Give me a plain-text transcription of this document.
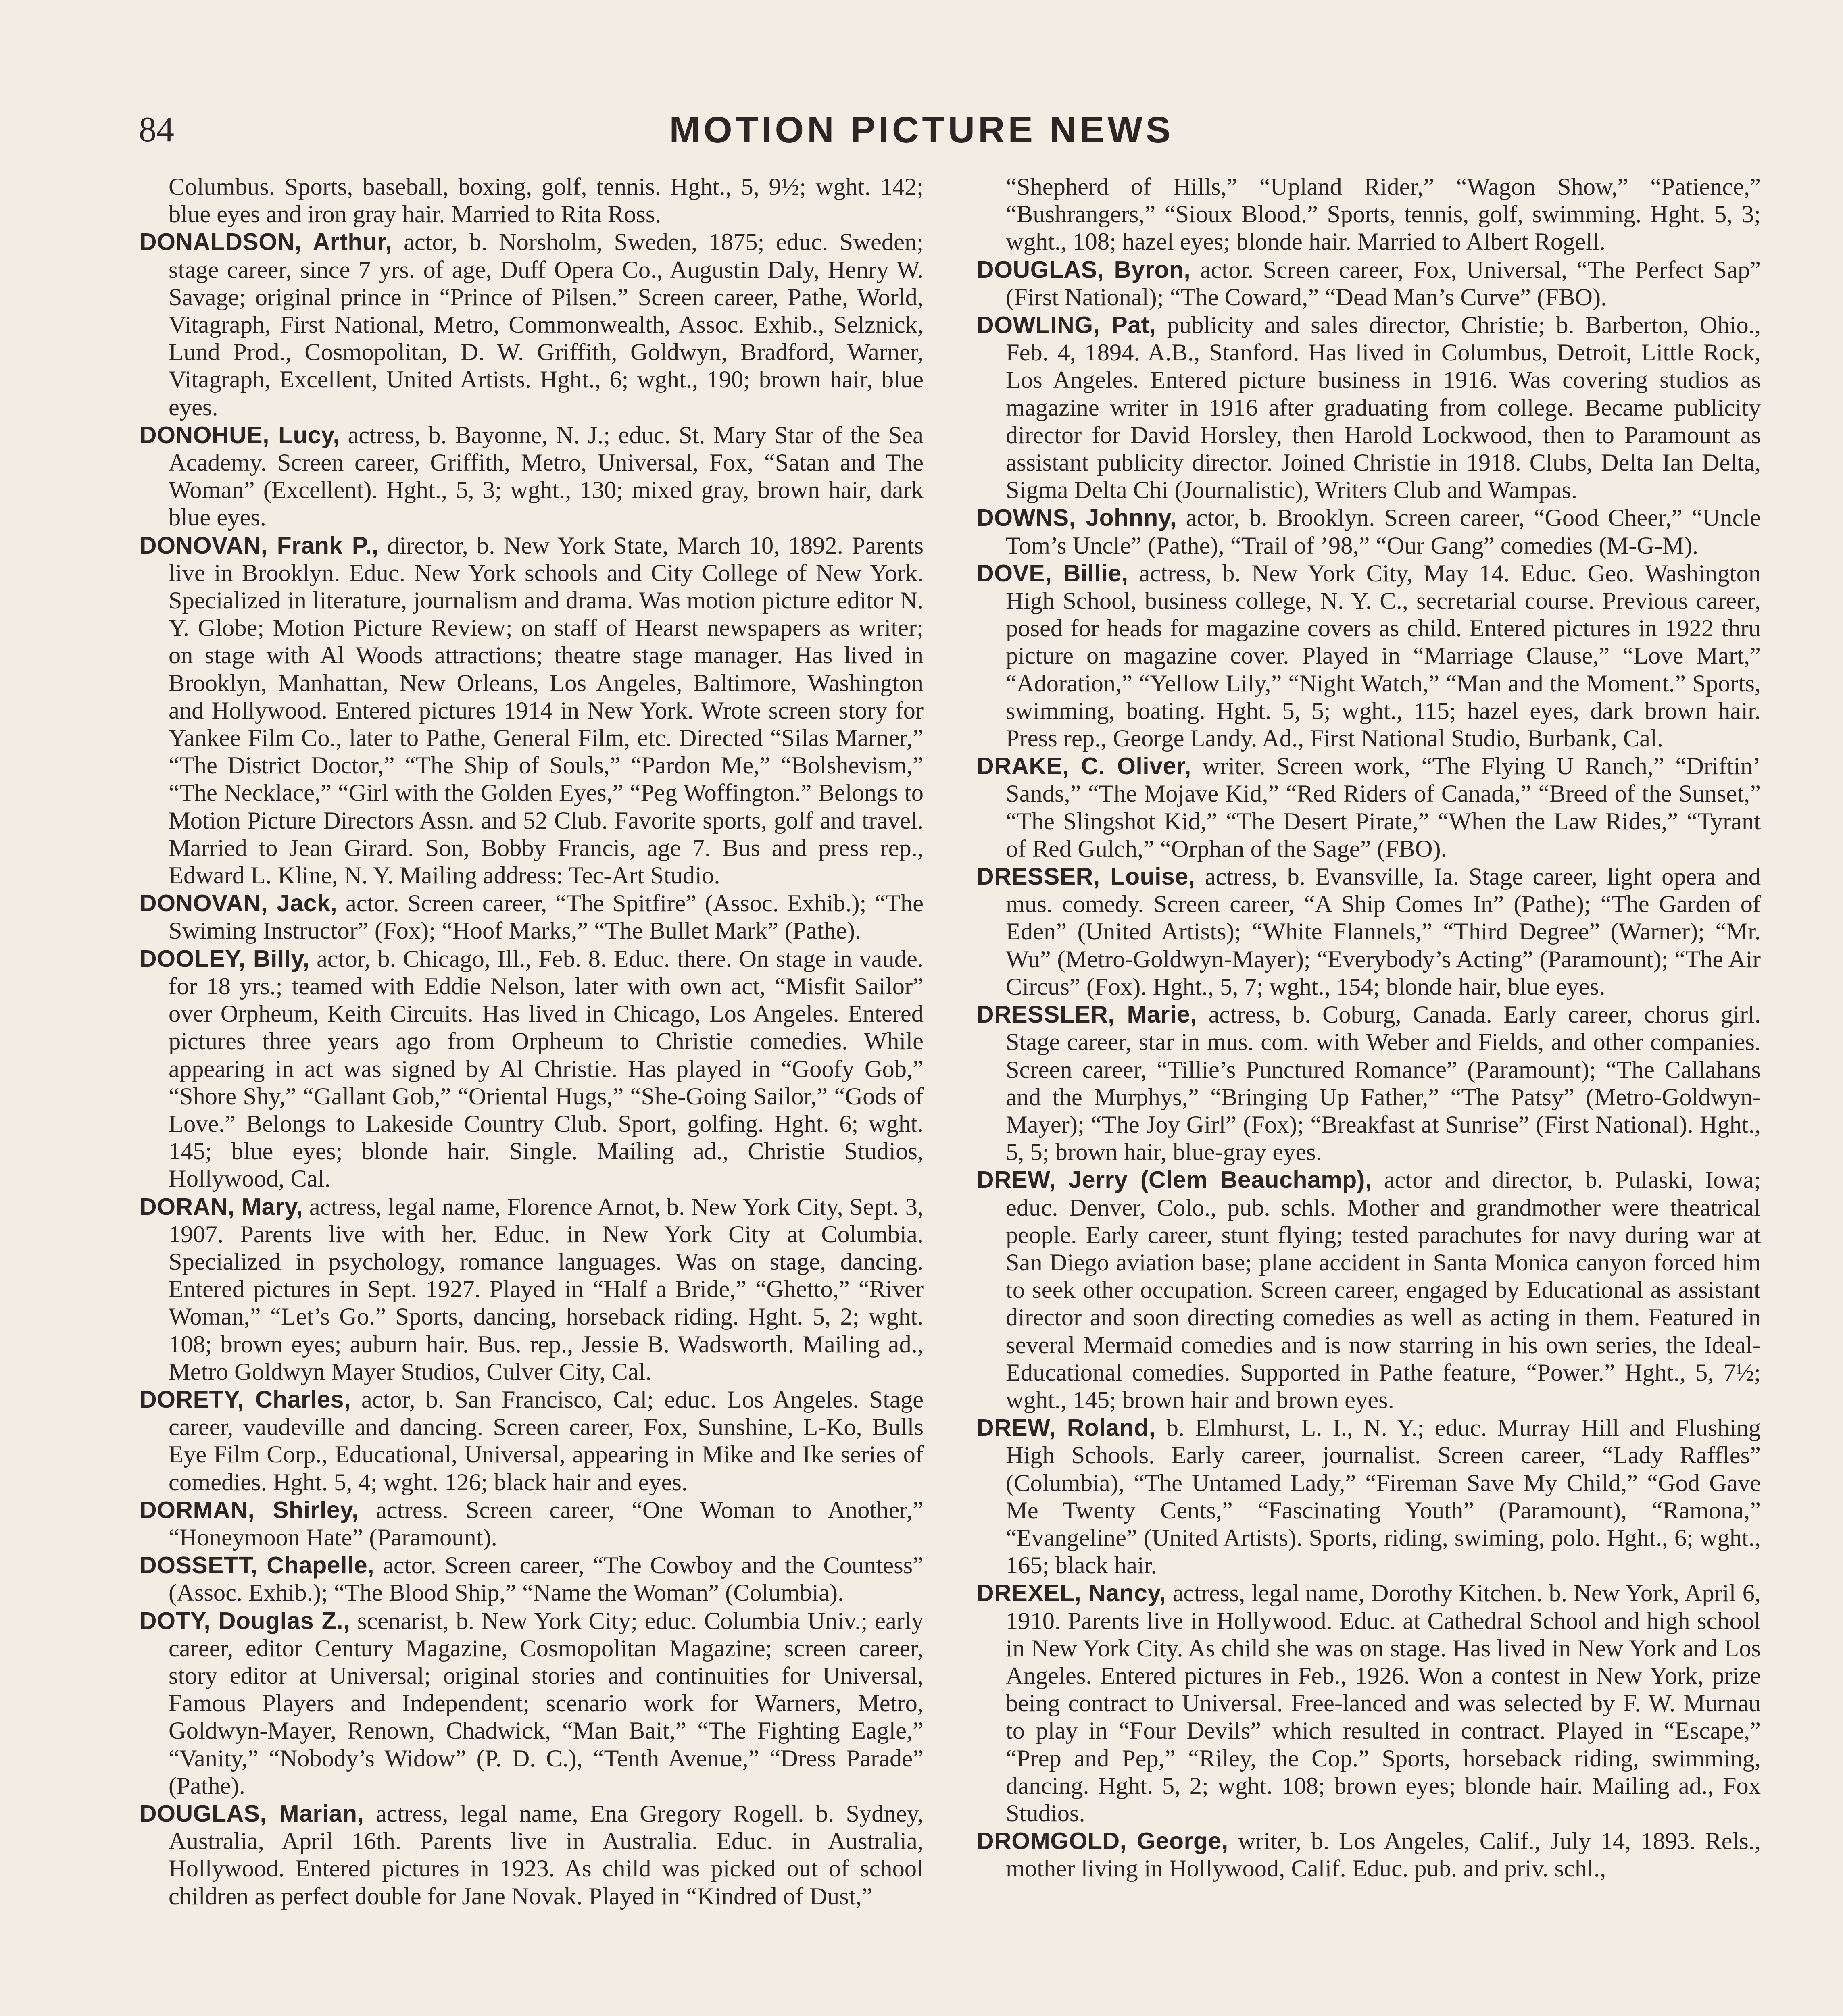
84	MOTION PICTURE NEWS

Columbus. Sports, baseball, boxing, golf, tennis. Hght., 5, 9½; wght. 142; blue eyes and iron gray hair. Married to Rita Ross.

DONALDSON, Arthur, actor, b. Norsholm, Sweden, 1875; educ. Sweden; stage career, since 7 yrs. of age, Duff Opera Co., Augustin Daly, Henry W. Savage; original prince in “Prince of Pilsen.” Screen career, Pathe, World, Vitagraph, First National, Metro, Commonwealth, Assoc. Exhib., Selznick, Lund Prod., Cosmopolitan, D. W. Griffith, Goldwyn, Bradford, Warner, Vitagraph, Excellent, United Artists. Hght., 6; wght., 190; brown hair, blue eyes.

DONOHUE, Lucy, actress, b. Bayonne, N. J.; educ. St. Mary Star of the Sea Academy. Screen career, Griffith, Metro, Universal, Fox, “Satan and The Woman” (Excellent). Hght., 5, 3; wght., 130; mixed gray, brown hair, dark blue eyes.

DONOVAN, Frank P., director, b. New York State, March 10, 1892. Parents live in Brooklyn. Educ. New York schools and City College of New York. Specialized in literature, journalism and drama. Was motion picture editor N. Y. Globe; Motion Picture Review; on staff of Hearst newspapers as writer; on stage with Al Woods attractions; theatre stage manager. Has lived in Brooklyn, Manhattan, New Orleans, Los Angeles, Baltimore, Washington and Hollywood. Entered pictures 1914 in New York. Wrote screen story for Yankee Film Co., later to Pathe, General Film, etc. Directed “Silas Marner,” “The District Doctor,” “The Ship of Souls,” “Pardon Me,” “Bolshevism,” “The Necklace,” “Girl with the Golden Eyes,” “Peg Woffington.” Belongs to Motion Picture Directors Assn. and 52 Club. Favorite sports, golf and travel. Married to Jean Girard. Son, Bobby Francis, age 7. Bus and press rep., Edward L. Kline, N. Y. Mailing address: Tec-Art Studio.

DONOVAN, Jack, actor. Screen career, “The Spitfire” (Assoc. Exhib.); “The Swiming Instructor” (Fox); “Hoof Marks,” “The Bullet Mark” (Pathe).

DOOLEY, Billy, actor, b. Chicago, Ill., Feb. 8. Educ. there. On stage in vaude. for 18 yrs.; teamed with Eddie Nelson, later with own act, “Misfit Sailor” over Orpheum, Keith Circuits. Has lived in Chicago, Los Angeles. Entered pictures three years ago from Orpheum to Christie comedies. While appearing in act was signed by Al Christie. Has played in “Goofy Gob,” “Shore Shy,” “Gallant Gob,” “Oriental Hugs,” “She-Going Sailor,” “Gods of Love.” Belongs to Lakeside Country Club. Sport, golfing. Hght. 6; wght. 145; blue eyes; blonde hair. Single. Mailing ad., Christie Studios, Hollywood, Cal.

DORAN, Mary, actress, legal name, Florence Arnot, b. New York City, Sept. 3, 1907. Parents live with her. Educ. in New York City at Columbia. Specialized in psychology, romance languages. Was on stage, dancing. Entered pictures in Sept. 1927. Played in “Half a Bride,” “Ghetto,” “River Woman,” “Let’s Go.” Sports, dancing, horseback riding. Hght. 5, 2; wght. 108; brown eyes; auburn hair. Bus. rep., Jessie B. Wadsworth. Mailing ad., Metro Goldwyn Mayer Studios, Culver City, Cal.

DORETY, Charles, actor, b. San Francisco, Cal; educ. Los Angeles. Stage career, vaudeville and dancing. Screen career, Fox, Sunshine, L-Ko, Bulls Eye Film Corp., Educational, Universal, appearing in Mike and Ike series of comedies. Hght. 5, 4; wght. 126; black hair and eyes.

DORMAN, Shirley, actress. Screen career, “One Woman to Another,” “Honeymoon Hate” (Paramount).

DOSSETT, Chapelle, actor. Screen career, “The Cowboy and the Countess” (Assoc. Exhib.); “The Blood Ship,” “Name the Woman” (Columbia).

DOTY, Douglas Z., scenarist, b. New York City; educ. Columbia Univ.; early career, editor Century Magazine, Cosmopolitan Magazine; screen career, story editor at Universal; original stories and continuities for Universal, Famous Players and Independent; scenario work for Warners, Metro, Goldwyn-Mayer, Renown, Chadwick, “Man Bait,” “The Fighting Eagle,” “Vanity,” “Nobody’s Widow” (P. D. C.), “Tenth Avenue,” “Dress Parade” (Pathe).

DOUGLAS, Marian, actress, legal name, Ena Gregory Rogell. b. Sydney, Australia, April 16th. Parents live in Australia. Educ. in Australia, Hollywood. Entered pictures in 1923. As child was picked out of school children as perfect double for Jane Novak. Played in “Kindred of Dust,”

“Shepherd of Hills,” “Upland Rider,” “Wagon Show,” “Patience,” “Bushrangers,” “Sioux Blood.” Sports, tennis, golf, swimming. Hght. 5, 3; wght., 108; hazel eyes; blonde hair. Married to Albert Rogell.

DOUGLAS, Byron, actor. Screen career, Fox, Universal, “The Perfect Sap” (First National); “The Coward,” “Dead Man’s Curve” (FBO).

DOWLING, Pat, publicity and sales director, Christie; b. Barberton, Ohio., Feb. 4, 1894. A.B., Stanford. Has lived in Columbus, Detroit, Little Rock, Los Angeles. Entered picture business in 1916. Was covering studios as magazine writer in 1916 after graduating from college. Became publicity director for David Horsley, then Harold Lockwood, then to Paramount as assistant publicity director. Joined Christie in 1918. Clubs, Delta Ian Delta, Sigma Delta Chi (Journalistic), Writers Club and Wampas.

DOWNS, Johnny, actor, b. Brooklyn. Screen career, “Good Cheer,” “Uncle Tom’s Uncle” (Pathe), “Trail of ’98,” “Our Gang” comedies (M-G-M).

DOVE, Billie, actress, b. New York City, May 14. Educ. Geo. Washington High School, business college, N. Y. C., secretarial course. Previous career, posed for heads for magazine covers as child. Entered pictures in 1922 thru picture on magazine cover. Played in “Marriage Clause,” “Love Mart,” “Adoration,” “Yellow Lily,” “Night Watch,” “Man and the Moment.” Sports, swimming, boating. Hght. 5, 5; wght., 115; hazel eyes, dark brown hair. Press rep., George Landy. Ad., First National Studio, Burbank, Cal.

DRAKE, C. Oliver, writer. Screen work, “The Flying U Ranch,” “Driftin’ Sands,” “The Mojave Kid,” “Red Riders of Canada,” “Breed of the Sunset,” “The Slingshot Kid,” “The Desert Pirate,” “When the Law Rides,” “Tyrant of Red Gulch,” “Orphan of the Sage” (FBO).

DRESSER, Louise, actress, b. Evansville, Ia. Stage career, light opera and mus. comedy. Screen career, “A Ship Comes In” (Pathe); “The Garden of Eden” (United Artists); “White Flannels,” “Third Degree” (Warner); “Mr. Wu” (Metro-Goldwyn-Mayer); “Everybody’s Acting” (Paramount); “The Air Circus” (Fox). Hght., 5, 7; wght., 154; blonde hair, blue eyes.

DRESSLER, Marie, actress, b. Coburg, Canada. Early career, chorus girl. Stage career, star in mus. com. with Weber and Fields, and other companies. Screen career, “Tillie’s Punctured Romance” (Paramount); “The Callahans and the Murphys,” “Bringing Up Father,” “The Patsy” (Metro-Goldwyn-Mayer); “The Joy Girl” (Fox); “Breakfast at Sunrise” (First National). Hght., 5, 5; brown hair, blue-gray eyes.

DREW, Jerry (Clem Beauchamp), actor and director, b. Pulaski, Iowa; educ. Denver, Colo., pub. schls. Mother and grandmother were theatrical people. Early career, stunt flying; tested parachutes for navy during war at San Diego aviation base; plane accident in Santa Monica canyon forced him to seek other occupation. Screen career, engaged by Educational as assistant director and soon directing comedies as well as acting in them. Featured in several Mermaid comedies and is now starring in his own series, the Ideal-Educational comedies. Supported in Pathe feature, “Power.” Hght., 5, 7½; wght., 145; brown hair and brown eyes.

DREW, Roland, b. Elmhurst, L. I., N. Y.; educ. Murray Hill and Flushing High Schools. Early career, journalist. Screen career, “Lady Raffles” (Columbia), “The Untamed Lady,” “Fireman Save My Child,” “God Gave Me Twenty Cents,” “Fascinating Youth” (Paramount), “Ramona,” “Evangeline” (United Artists). Sports, riding, swiming, polo. Hght., 6; wght., 165; black hair.

DREXEL, Nancy, actress, legal name, Dorothy Kitchen. b. New York, April 6, 1910. Parents live in Hollywood. Educ. at Cathedral School and high school in New York City. As child she was on stage. Has lived in New York and Los Angeles. Entered pictures in Feb., 1926. Won a contest in New York, prize being contract to Universal. Free-lanced and was selected by F. W. Murnau to play in “Four Devils” which resulted in contract. Played in “Escape,” “Prep and Pep,” “Riley, the Cop.” Sports, horseback riding, swimming, dancing. Hght. 5, 2; wght. 108; brown eyes; blonde hair. Mailing ad., Fox Studios.

DROMGOLD, George, writer, b. Los Angeles, Calif., July 14, 1893. Rels., mother living in Hollywood, Calif. Educ. pub. and priv. schl.,
